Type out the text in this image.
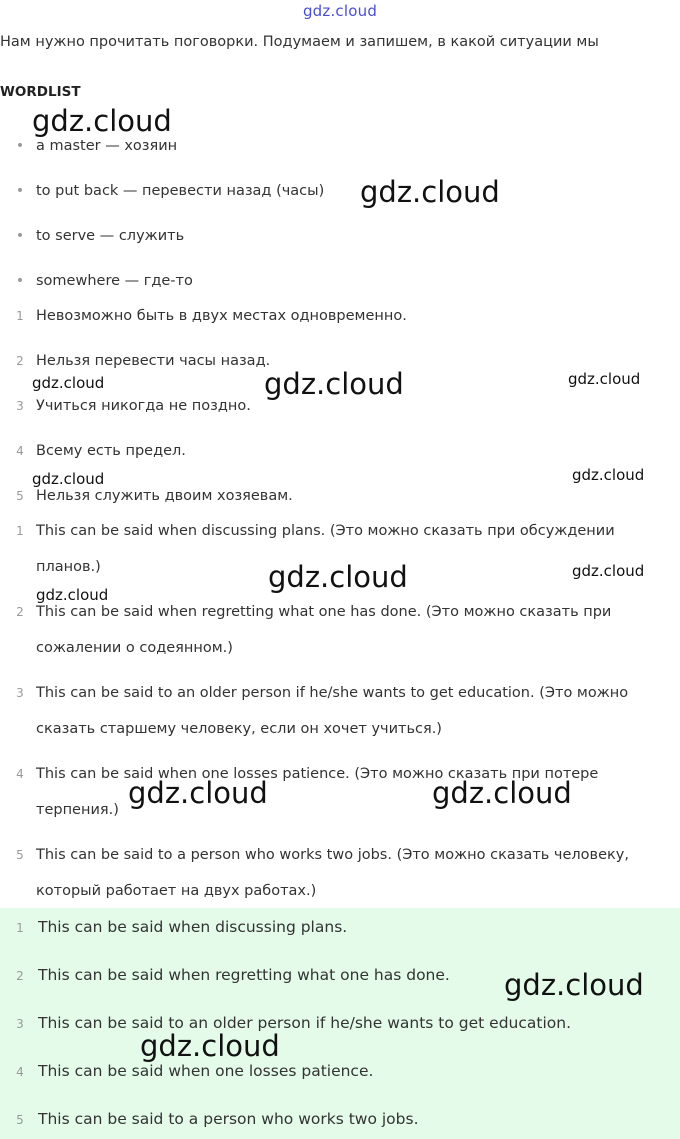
gdz.cloud
Нам нужно прочитать поговорки. Подумаем и запишем, в какой ситуации мы
WORDLIST
• a master — хозяин
• to put back — перевести назад (часы)
• to serve — служить
• somewhere — где-то
1 Невозможно быть в двух местах одновременно.
2 Нельзя перевести часы назад.
3 Учиться никогда не поздно.
4 Всему есть предел.
5 Нельзя служить двоим хозяевам.
1 This can be said when discussing plans. (Это можно сказать при обсуждении планов.)
2 This can be said when regretting what one has done. (Это можно сказать при сожалении о содеянном.)
3 This can be said to an older person if he/she wants to get education. (Это можно сказать старшему человеку, если он хочет учиться.)
4 This can be said when one losses patience. (Это можно сказать при потере терпения.)
5 This can be said to a person who works two jobs. (Это можно сказать человеку, который работает на двух работах.)
1 This can be said when discussing plans.
2 This can be said when regretting what one has done.
3 This can be said to an older person if he/she wants to get education.
4 This can be said when one losses patience.
5 This can be said to a person who works two jobs.
gdz.cloud
gdz.cloud
gdz.cloud	gdz.cloud	gdz.cloud
gdz.cloud	gdz.cloud
gdz.cloud	gdz.cloud
gdz.cloud
gdz.cloud	gdz.cloud
gdz.cloud
gdz.cloud
